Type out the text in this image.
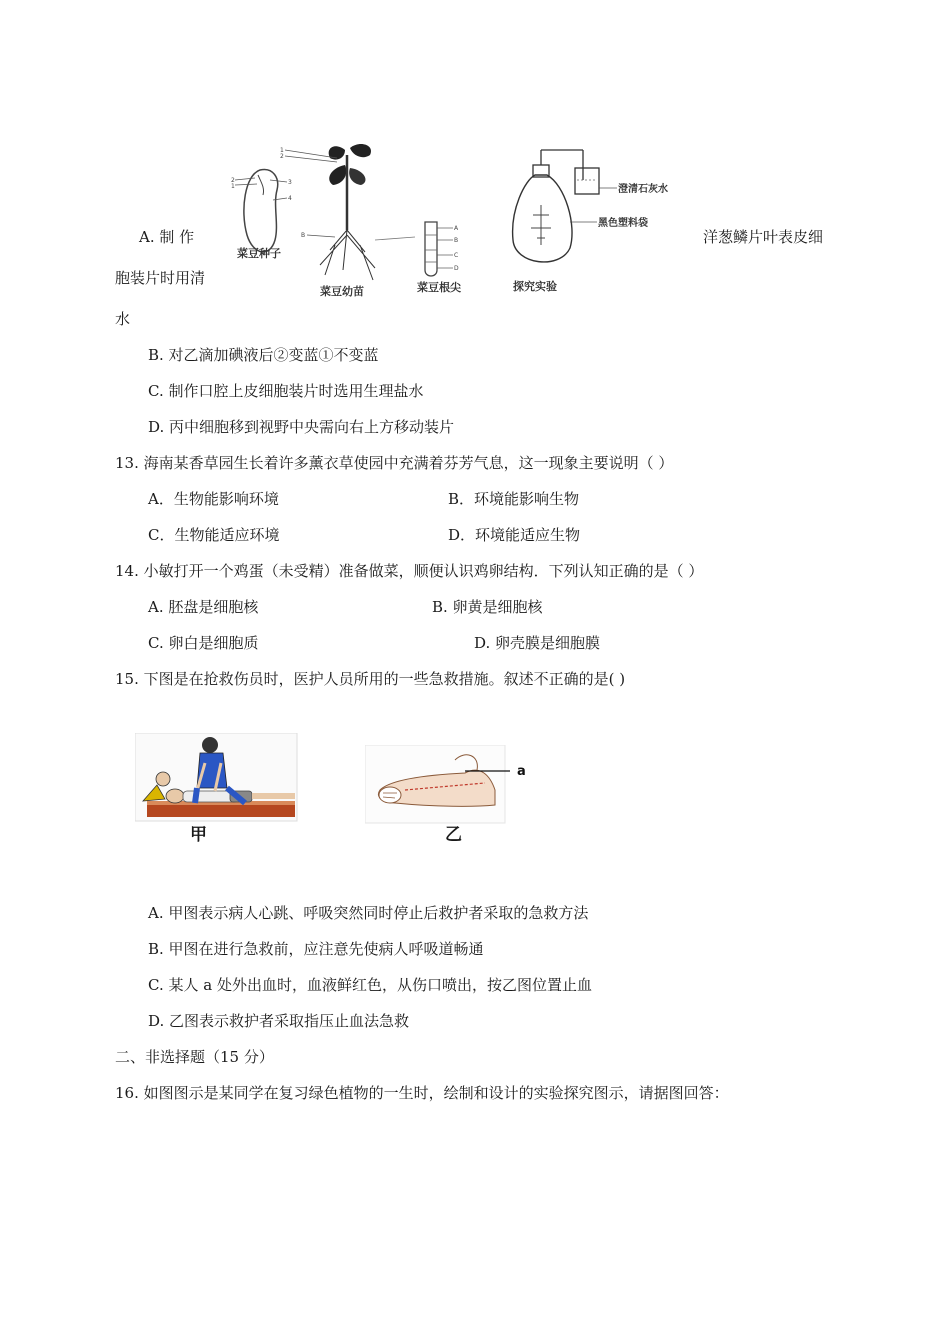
A. 制 作	洋葱鳞片叶表皮细
胞装片时用清
水
2
1
3
4
菜豆种子
1
2
B
菜豆幼苗
A
B
C
D
菜豆根尖
澄清石灰水
黑色塑料袋
探究实验
B. 对乙滴加碘液后②变蓝①不变蓝
C. 制作口腔上皮细胞装片时选用生理盐水
D. 丙中细胞移到视野中央需向右上方移动装片
13. 海南某香草园生长着许多薰衣草使园中充满着芬芳气息，这一现象主要说明（ ）
A．生物能影响环境	B．环境能影响生物
C．生物能适应环境	D．环境能适应生物
14. 小敏打开一个鸡蛋（未受精）准备做菜，顺便认识鸡卵结构．下列认知正确的是（ ）
A. 胚盘是细胞核	B. 卵黄是细胞核
C. 卵白是细胞质	D. 卵壳膜是细胞膜
15. 下图是在抢救伤员时，医护人员所用的一些急救措施。叙述不正确的是( )
甲
a
乙
A. 甲图表示病人心跳、呼吸突然同时停止后救护者采取的急救方法
B. 甲图在进行急救前，应注意先使病人呼吸道畅通
C. 某人 a 处外出血时，血液鲜红色，从伤口喷出，按乙图位置止血
D. 乙图表示救护者采取指压止血法急救
二、非选择题（15 分）
16. 如图图示是某同学在复习绿色植物的一生时，绘制和设计的实验探究图示，请据图回答：
